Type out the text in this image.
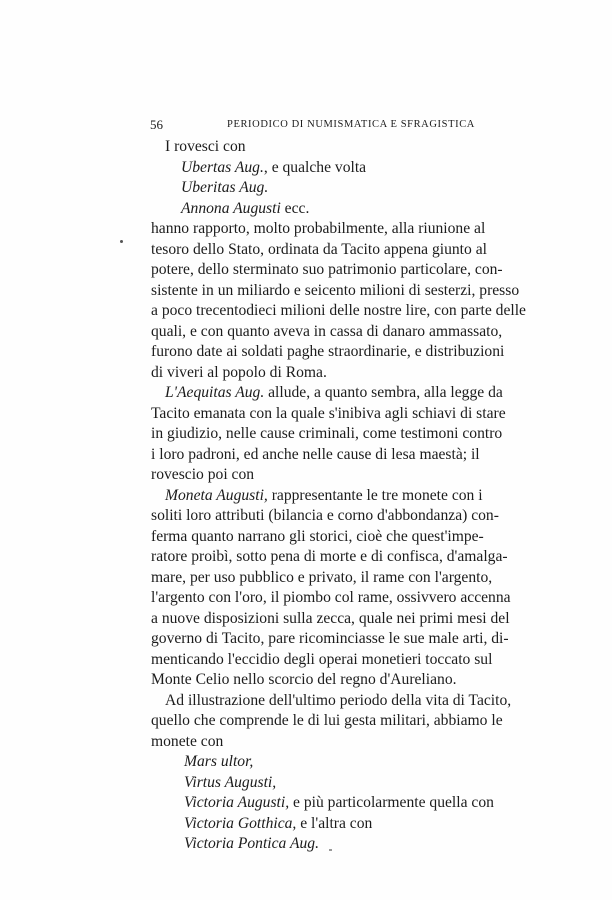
56	PERIODICO DI NUMISMATICA E SFRAGISTICA
I rovesci con
Ubertas Aug., e qualche volta
Uberitas Aug.
Annona Augusti ecc.
hanno rapporto, molto probabilmente, alla riunione al
tesoro dello Stato, ordinata da Tacito appena giunto al
potere, dello sterminato suo patrimonio particolare, con-
sistente in un miliardo e seicento milioni di sesterzi, presso
a poco trecentodieci milioni delle nostre lire, con parte delle
quali, e con quanto aveva in cassa di danaro ammassato,
furono date ai soldati paghe straordinarie, e distribuzioni
di viveri al popolo di Roma.
L'Aequitas Aug. allude, a quanto sembra, alla legge da
Tacito emanata con la quale s'inibiva agli schiavi di stare
in giudizio, nelle cause criminali, come testimoni contro
i loro padroni, ed anche nelle cause di lesa maestà; il
rovescio poi con
Moneta Augusti, rappresentante le tre monete con i
soliti loro attributi (bilancia e corno d'abbondanza) con-
ferma quanto narrano gli storici, cioè che quest'impe-
ratore proibì, sotto pena di morte e di confisca, d'amalga-
mare, per uso pubblico e privato, il rame con l'argento,
l'argento con l'oro, il piombo col rame, ossivvero accenna
a nuove disposizioni sulla zecca, quale nei primi mesi del
governo di Tacito, pare ricominciasse le sue male arti, di-
menticando l'eccidio degli operai monetieri toccato sul
Monte Celio nello scorcio del regno d'Aureliano.
Ad illustrazione dell'ultimo periodo della vita di Tacito,
quello che comprende le di lui gesta militari, abbiamo le
monete con
Mars ultor,
Virtus Augusti,
Victoria Augusti, e più particolarmente quella con
Victoria Gotthica, e l'altra con
Victoria Pontica Aug.
